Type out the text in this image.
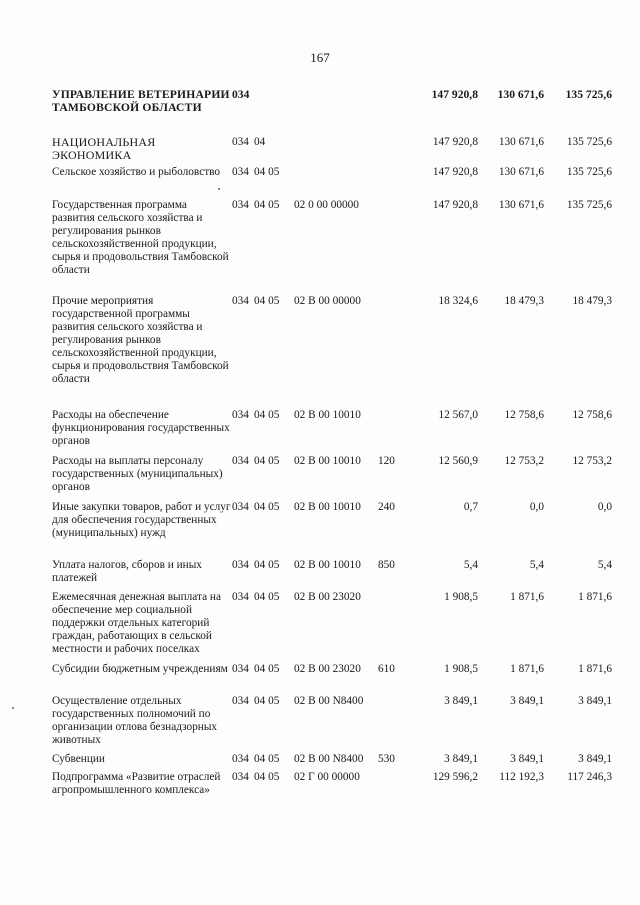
167
УПРАВЛЕНИЕ ВЕТЕРИНАРИИ ТАМБОВСКОЙ ОБЛАСТИ	034				147 920,8	130 671,6	135 725,6
НАЦИОНАЛЬНАЯ ЭКОНОМИКА	034	04			147 920,8	130 671,6	135 725,6
Сельское хозяйство и рыболовство	034	04 05			147 920,8	130 671,6	135 725,6
Государственная программа развития сельского хозяйства и регулирования рынков сельскохозяйственной продукции, сырья и продовольствия Тамбовской области	034	04 05	02 0 00 00000		147 920,8	130 671,6	135 725,6
Прочие мероприятия государственной программы развития сельского хозяйства и регулирования рынков сельскохозяйственной продукции, сырья и продовольствия Тамбовской области	034	04 05	02 В 00 00000		18 324,6	18 479,3	18 479,3
Расходы на обеспечение функционирования государственных органов	034	04 05	02 В 00 10010		12 567,0	12 758,6	12 758,6
Расходы на выплаты персоналу государственных (муниципальных) органов	034	04 05	02 В 00 10010	120	12 560,9	12 753,2	12 753,2
Иные закупки товаров, работ и услуг для обеспечения государственных (муниципальных) нужд	034	04 05	02 В 00 10010	240	0,7	0,0	0,0
Уплата налогов, сборов и иных платежей	034	04 05	02 В 00 10010	850	5,4	5,4	5,4
Ежемесячная денежная выплата на обеспечение мер социальной поддержки отдельных категорий граждан, работающих в сельской местности и рабочих поселках	034	04 05	02 В 00 23020		1 908,5	1 871,6	1 871,6
Субсидии бюджетным учреждениям	034	04 05	02 В 00 23020	610	1 908,5	1 871,6	1 871,6
Осуществление отдельных государственных полномочий по организации отлова безнадзорных животных	034	04 05	02 В 00 N8400		3 849,1	3 849,1	3 849,1
Субвенции	034	04 05	02 В 00 N8400	530	3 849,1	3 849,1	3 849,1
Подпрограмма «Развитие отраслей агропромышленного комплекса»	034	04 05	02 Г 00 00000		129 596,2	112 192,3	117 246,3
